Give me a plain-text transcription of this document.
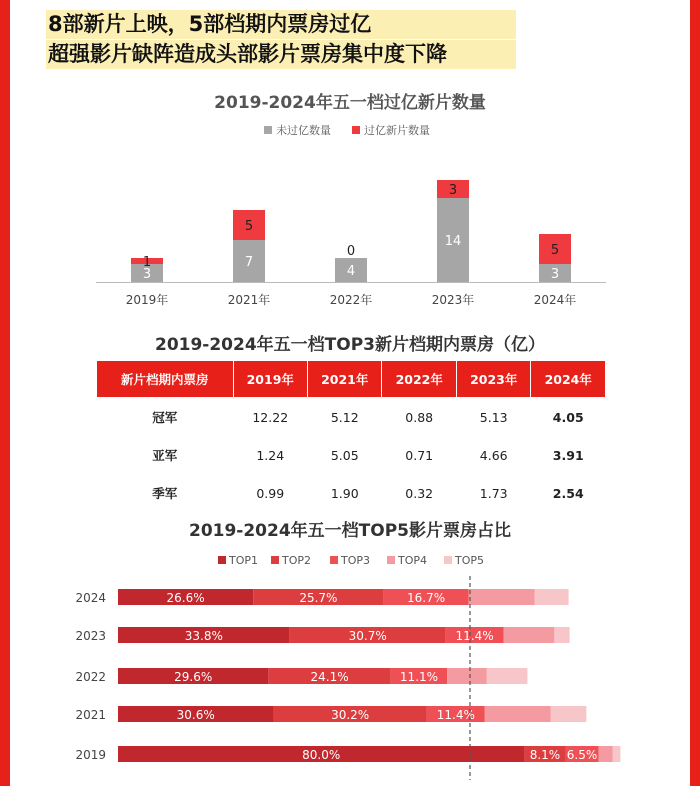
8部新片上映，5部档期内票房过亿
超强影片缺阵造成头部影片票房集中度下降
2019-2024年五一档过亿新片数量
未过亿数量	过亿新片数量
3
1
2019年
7
5
2021年
4
0
2022年
14
3
2023年
3
5
2024年
2019-2024年五一档TOP3新片档期内票房（亿）
新片档期内票房	2019年	2021年	2022年	2023年	2024年
冠军	12.22	5.12	0.88	5.13	4.05
亚军	1.24	5.05	0.71	4.66	3.91
季军	0.99	1.90	0.32	1.73	2.54
2019-2024年五一档TOP5影片票房占比
TOP1 TOP2	TOP3	TOP4	TOP5
2024	26.6%	25.7%	16.7%
2023	33.8%	30.7%	11.4%
2022	29.6%	24.1%	11.1%
2021	30.6%	30.2%	11.4%
2019	80.0%	8.1% 6.5%
